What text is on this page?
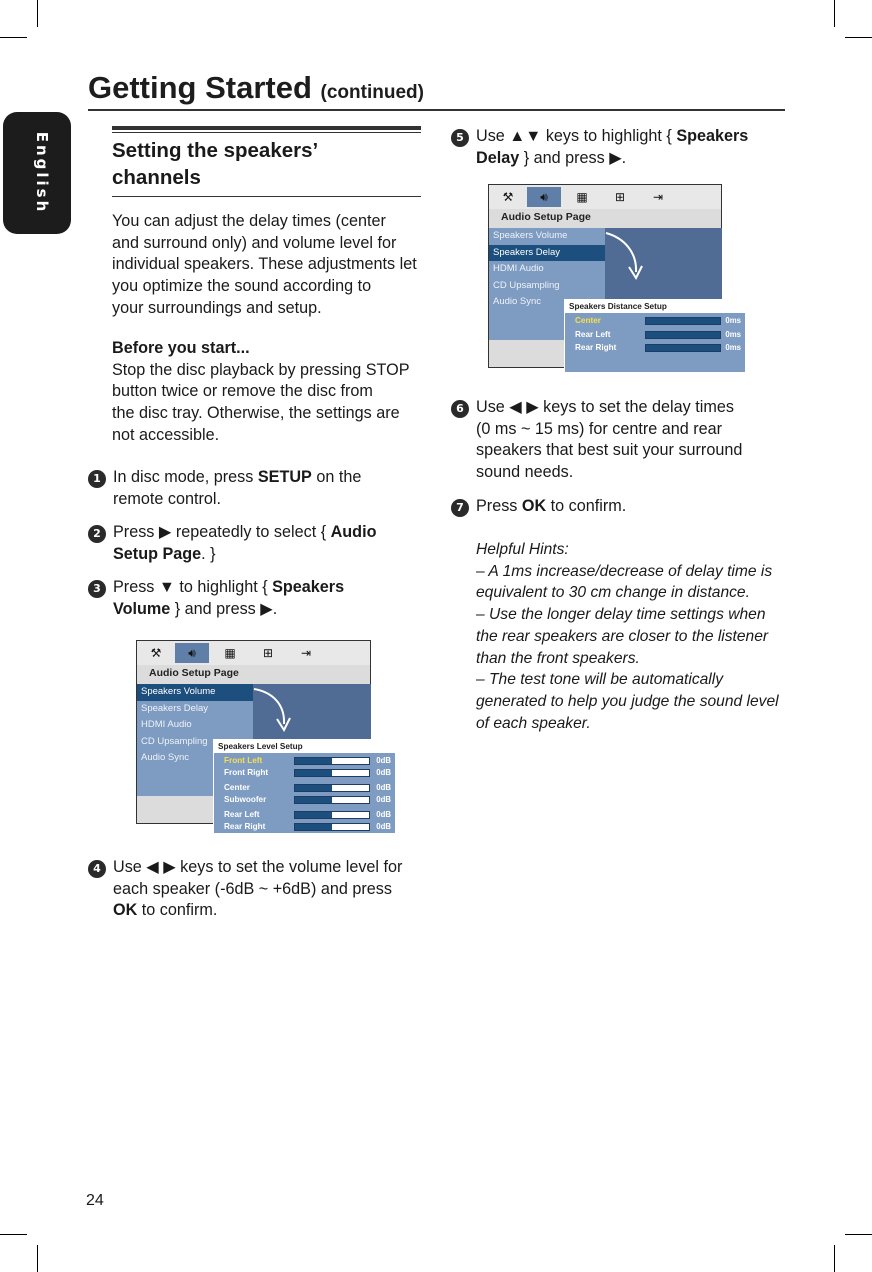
English
Getting Started (continued)
Setting the speakers’
channels
You can adjust the delay times (center
and surround only) and volume level for
individual speakers. These adjustments let
you optimize the sound according to
your surroundings and setup.
Before you start...
Stop the disc playback by pressing STOP
button twice or remove the disc from
the disc tray. Otherwise, the settings are
not accessible.
1 In disc mode, press SETUP on the
remote control.
2 Press ▶ repeatedly to select { Audio
Setup Page. }
3 Press ▼ to highlight { Speakers
Volume } and press ▶.
⚒	🔊︎	▦	⊞	⇥
Audio Setup Page
Speakers Volume
Speakers Delay
HDMI Audio
CD Upsampling
Audio Sync
Speakers Level Setup
Front Left	0dB
Front Right	0dB
Center	0dB
Subwoofer	0dB
Rear Left	0dB
Rear Right	0dB
4 Use ◀ ▶ keys to set the volume level for
each speaker (-6dB ~ +6dB) and press
OK to confirm.
5 Use ▲▼ keys to highlight { Speakers
Delay } and press ▶.
⚒	🔊︎	▦	⊞	⇥
Audio Setup Page
Speakers Volume
Speakers Delay
HDMI Audio
CD Upsampling
Audio Sync	Speakers Distance Setup
Center	0ms
Rear Left	0ms
Rear Right	0ms
6 Use ◀ ▶ keys to set the delay times
(0 ms ~ 15 ms) for centre and rear
speakers that best suit your surround
sound needs.
7 Press OK to confirm.
Helpful Hints:
– A 1ms increase/decrease of delay time is
equivalent to 30 cm change in distance.
– Use the longer delay time settings when
the rear speakers are closer to the listener
than the front speakers.
– The test tone will be automatically
generated to help you judge the sound level
of each speaker.
24
